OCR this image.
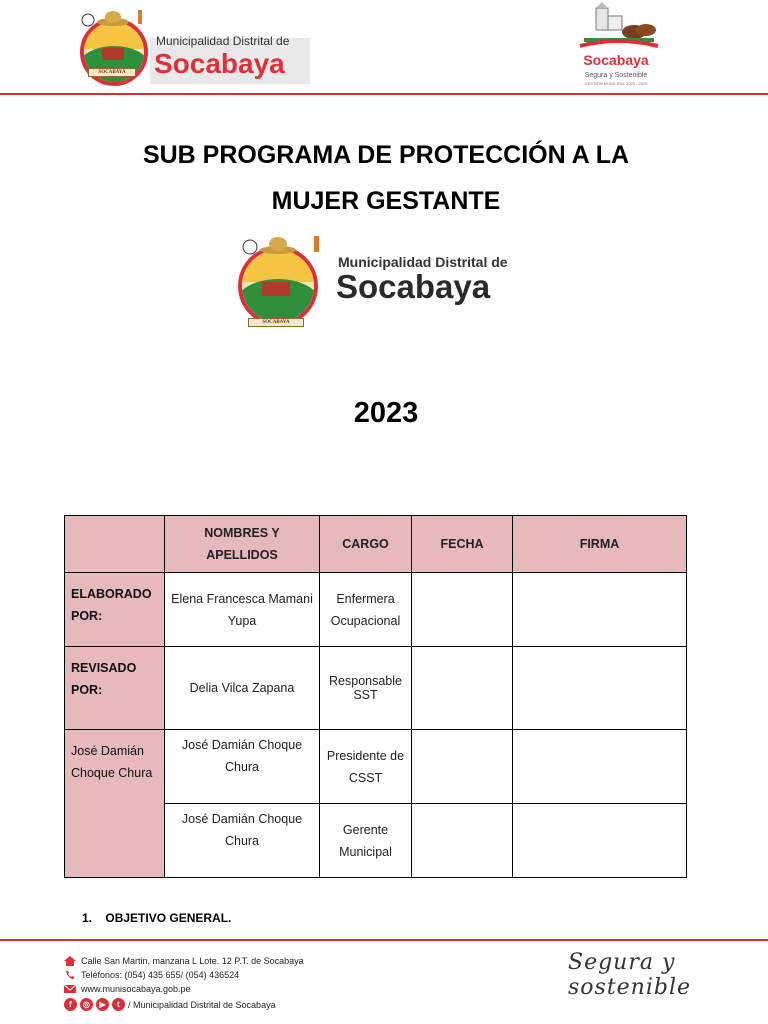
SOCABAYA
Municipalidad Distrital de
Socabaya	Socabaya
Segura y Sostenible
GESTIÓN MUNICIPAL 2023 - 2026
SUB PROGRAMA DE PROTECCIÓN A LA
MUJER GESTANTE
SOCABAYA
Municipalidad Distrital de
Socabaya
2023
	NOMBRES Y APELLIDOS	CARGO	FECHA	FIRMA
ELABORADO POR:	Elena Francesca Mamani Yupa	Enfermera Ocupacional		
REVISADO POR:	Delia Vilca Zapana	Responsable SST		
José Damián Choque Chura	José Damián Choque Chura	Presidente de CSST		
	José Damián Choque Chura	Gerente Municipal		
1. OBJETIVO GENERAL.
Calle San Martin, manzana L Lote. 12 P.T. de Socabaya
Teléfonos: (054) 435 655/ (054) 436524
www.munisocabaya.gob.pe
f	◎	▶	t / Municipalidad Distrital de Socabaya
Segura y sostenible
